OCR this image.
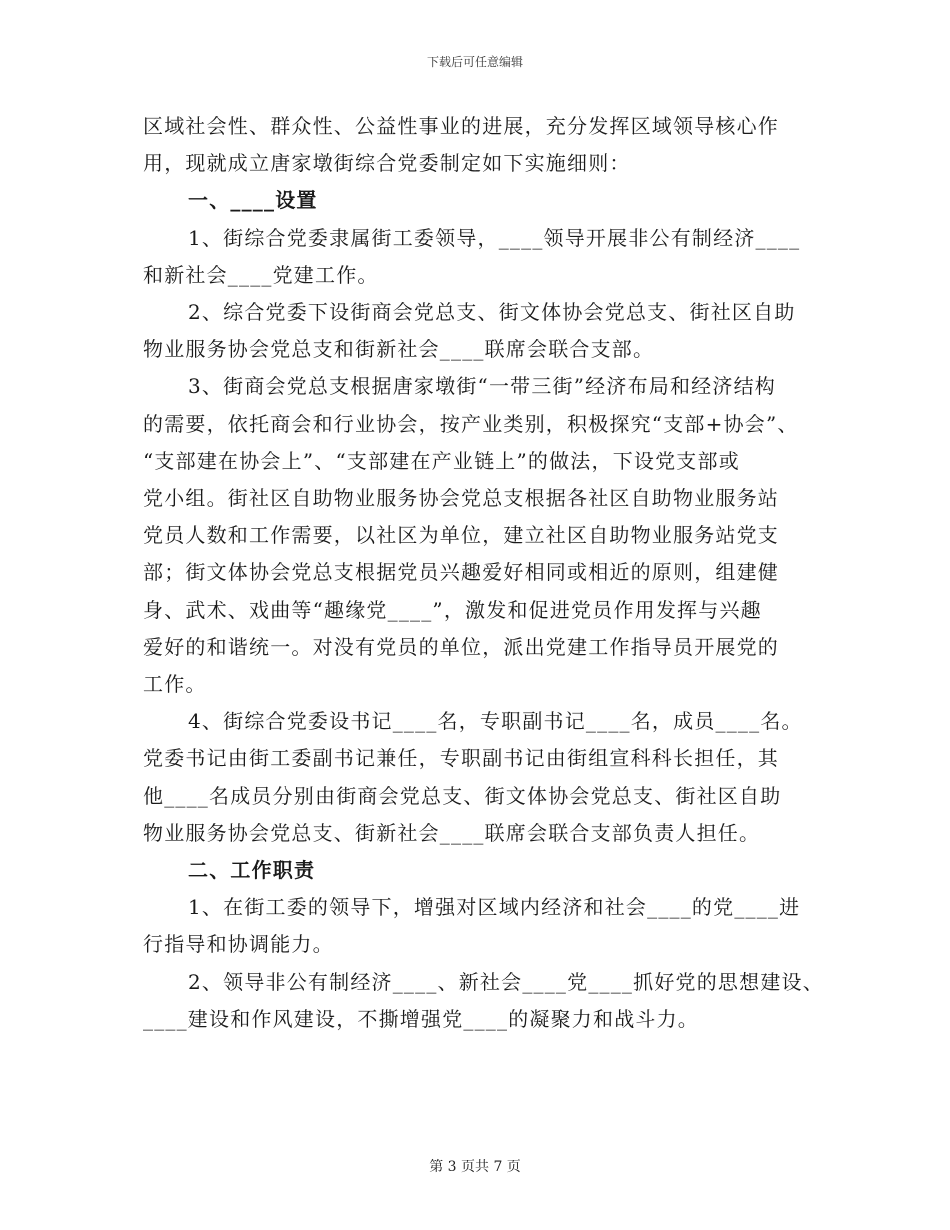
下载后可任意编辑

区域社会性、群众性、公益性事业的进展，充分发挥区域领导核心作

用，现就成立唐家墩街综合党委制定如下实施细则：

一、____设置

1、街综合党委隶属街工委领导，____领导开展非公有制经济____

和新社会____党建工作。

2、综合党委下设街商会党总支、街文体协会党总支、街社区自助

物业服务协会党总支和街新社会____联席会联合支部。

3、街商会党总支根据唐家墩街“一带三街”经济布局和经济结构

的需要，依托商会和行业协会，按产业类别，积极探究“支部+协会”、

“支部建在协会上”、“支部建在产业链上”的做法，下设党支部或

党小组。街社区自助物业服务协会党总支根据各社区自助物业服务站

党员人数和工作需要，以社区为单位，建立社区自助物业服务站党支

部；街文体协会党总支根据党员兴趣爱好相同或相近的原则，组建健

身、武术、戏曲等“趣缘党____”，激发和促进党员作用发挥与兴趣

爱好的和谐统一。对没有党员的单位，派出党建工作指导员开展党的

工作。

4、街综合党委设书记____名，专职副书记____名，成员____名。

党委书记由街工委副书记兼任，专职副书记由街组宣科科长担任，其

他____名成员分别由街商会党总支、街文体协会党总支、街社区自助

物业服务协会党总支、街新社会____联席会联合支部负责人担任。

二、工作职责

1、在街工委的领导下，增强对区域内经济和社会____的党____进

行指导和协调能力。

2、领导非公有制经济____、新社会____党____抓好党的思想建设、

____建设和作风建设，不撕增强党____的凝聚力和战斗力。

第 3 页共 7 页
